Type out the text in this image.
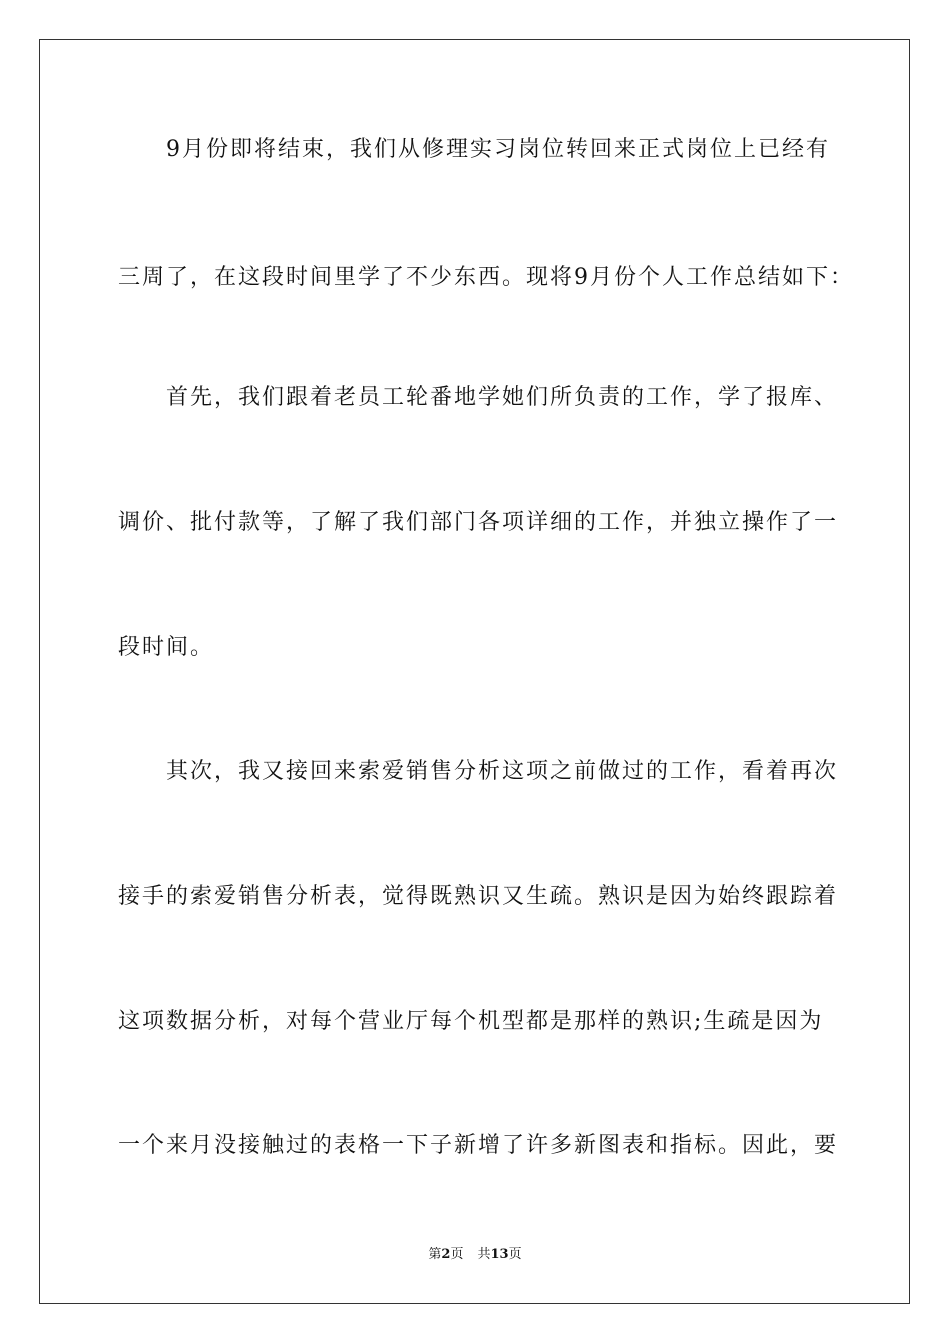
9月份即将结束，我们从修理实习岗位转回来正式岗位上已经有
三周了，在这段时间里学了不少东西。现将9月份个人工作总结如下：
首先，我们跟着老员工轮番地学她们所负责的工作，学了报库、
调价、批付款等，了解了我们部门各项详细的工作，并独立操作了一
段时间。
其次，我又接回来索爱销售分析这项之前做过的工作，看着再次
接手的索爱销售分析表，觉得既熟识又生疏。熟识是因为始终跟踪着
这项数据分析，对每个营业厅每个机型都是那样的熟识;生疏是因为
一个来月没接触过的表格一下子新增了许多新图表和指标。因此，要
第2页 共13页
